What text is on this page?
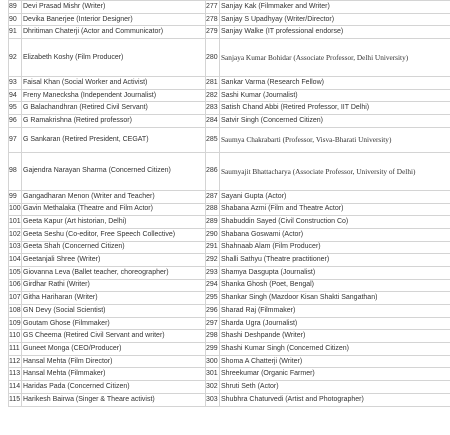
89	Devi Prasad Mishr (Writer)	277	Sanjay Kak (Filmmaker and Writer)
90	Devika Banerjee (Interior Designer)	278	Sanjay S Upadhyay (Writer/Director)
91	Dhritiman Chaterji (Actor and Communicator)	279	Sanjay Walke (IT professional endorse)
92	Elizabeth Koshy (Film Producer)	280	Sanjaya Kumar Bohidar (Associate Professor, Delhi University)
93	Faisal Khan (Social Worker and Activist)	281	Sankar Varma (Research Fellow)
94	Freny Manecksha (Independent Journalist)	282	Sashi Kumar (Journalist)
95	G Balachandhran (Retired Civil Servant)	283	Satish Chand Abbi (Retired Professor, IIT Delhi)
96	G Ramakrishna (Retired professor)	284	Satvir Singh (Concerned Citizen)
97	G Sankaran (Retired President, CEGAT)	285	Saumya Chakrabarti (Professor, Visva-Bharati University)
98	Gajendra Narayan Sharma (Concerned Citizen)	286	Saumyajit Bhattacharya (Associate Professor, University of Delhi)
99	Gangadharan Menon (Writer and Teacher)	287	Sayani Gupta (Actor)
100	Gavin Methalaka (Theatre and Film Actor)	288	Shabana Azmi (Film and Theatre Actor)
101	Geeta Kapur (Art historian, Delhi)	289	Shabuddin Sayed (Civil Construction Co)
102	Geeta Seshu (Co-editor, Free Speech Collective)	290	Shabana Goswami (Actor)
103	Geeta Shah (Concerned Citizen)	291	Shahnaab Alam (Film Producer)
104	Geetanjali Shree (Writer)	292	Shalli Sathyu (Theatre practitioner)
105	Giovanna Leva (Ballet teacher, choreographer)	293	Shamya Dasgupta (Journalist)
106	Girdhar Rathi (Writer)	294	Shanka Ghosh (Poet, Bengal)
107	Githa Hariharan (Writer)	295	Shankar Singh (Mazdoor Kisan Shakti Sangathan)
108	GN Devy (Social Scientist)	296	Sharad Raj (Filmmaker)
109	Goutam Ghose (Filmmaker)	297	Sharda Ugra (Journalist)
110	GS Cheema (Retired Civil Servant and writer)	298	Shashi Deshpande (Writer)
111	Guneet Monga (CEO/Producer)	299	Shashi Kumar Singh (Concerned Citizen)
112	Hansal Mehta (Film Director)	300	Shoma A Chatterji (Writer)
113	Hansal Mehta (Filmmaker)	301	Shreekumar (Organic Farmer)
114	Haridas Pada (Concerned Citizen)	302	Shruti Seth (Actor)
115	Harikesh Bairwa (Singer & Theare activist)	303	Shubhra Chaturvedi (Artist and Photographer)
